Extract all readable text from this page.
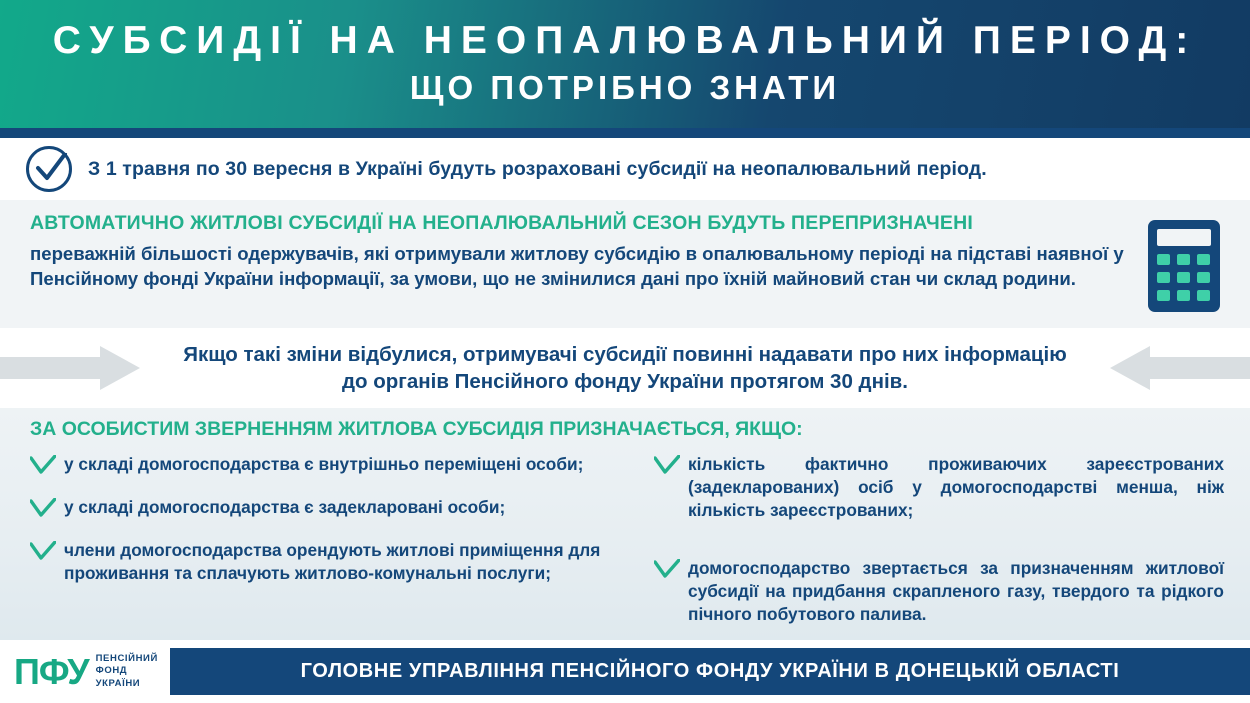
СУБСИДІЇ НА НЕОПАЛЮВАЛЬНИЙ ПЕРІОД:
ЩО ПОТРІБНО ЗНАТИ
З 1 травня по 30 вересня в Україні будуть розраховані субсидії на неопалювальний період.
АВТОМАТИЧНО ЖИТЛОВІ СУБСИДІЇ НА НЕОПАЛЮВАЛЬНИЙ СЕЗОН БУДУТЬ ПЕРЕПРИЗНАЧЕНІ
переважній більшості одержувачів, які отримували житлову субсидію в опалювальному періоді на підставі наявної у Пенсійному фонді України інформації, за умови, що не змінилися дані про їхній майновий стан чи склад родини.
Якщо такі зміни відбулися, отримувачі субсидії повинні надавати про них інформацію до органів Пенсійного фонду України протягом 30 днів.
ЗА ОСОБИСТИМ ЗВЕРНЕННЯМ ЖИТЛОВА СУБСИДІЯ ПРИЗНАЧАЄТЬСЯ, ЯКЩО:
у складі домогосподарства є внутрішньо переміщені особи;
у складі домогосподарства є задекларовані особи;
члени домогосподарства орендують житлові приміщення для проживання та сплачують житлово-комунальні послуги;
кількість фактично проживаючих зареєстрованих (задекларованих) осіб у домогосподарстві менша, ніж кількість зареєстрованих;
домогосподарство звертається за призначенням житлової субсидії на придбання скрапленого газу, твердого та рідкого пічного побутового палива.
ПФУ ПЕНСІЙНИЙ
ФОНД
УКРАЇНИ
ГОЛОВНЕ УПРАВЛІННЯ ПЕНСІЙНОГО ФОНДУ УКРАЇНИ В ДОНЕЦЬКІЙ ОБЛАСТІ
